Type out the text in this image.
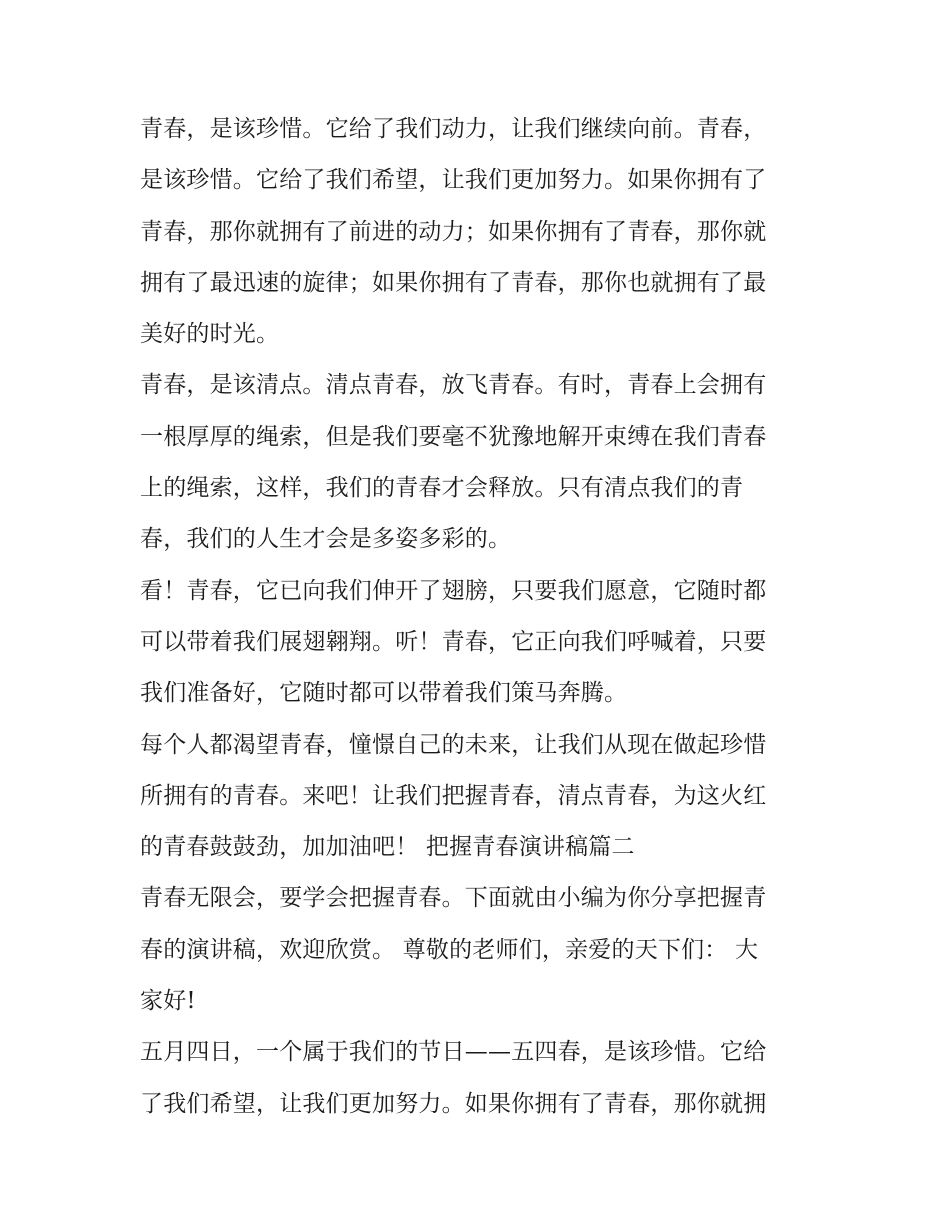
青春，是该珍惜。它给了我们动力，让我们继续向前。青春，
是该珍惜。它给了我们希望，让我们更加努力。如果你拥有了
青春，那你就拥有了前进的动力；如果你拥有了青春，那你就
拥有了最迅速的旋律；如果你拥有了青春，那你也就拥有了最
美好的时光。
青春，是该清点。清点青春，放飞青春。有时，青春上会拥有
一根厚厚的绳索，但是我们要毫不犹豫地解开束缚在我们青春
上的绳索，这样，我们的青春才会释放。只有清点我们的青
春，我们的人生才会是多姿多彩的。
看！青春，它已向我们伸开了翅膀，只要我们愿意，它随时都
可以带着我们展翅翱翔。听！青春，它正向我们呼喊着，只要
我们准备好，它随时都可以带着我们策马奔腾。
每个人都渴望青春，憧憬自己的未来，让我们从现在做起珍惜
所拥有的青春。来吧！让我们把握青春，清点青春，为这火红
的青春鼓鼓劲，加加油吧！ 把握青春演讲稿篇二
青春无限会，要学会把握青春。下面就由小编为你分享把握青
春的演讲稿，欢迎欣赏。 尊敬的老师们，亲爱的天下们： 大
家好!
五月四日，一个属于我们的节日——五四春，是该珍惜。它给
了我们希望，让我们更加努力。如果你拥有了青春，那你就拥
